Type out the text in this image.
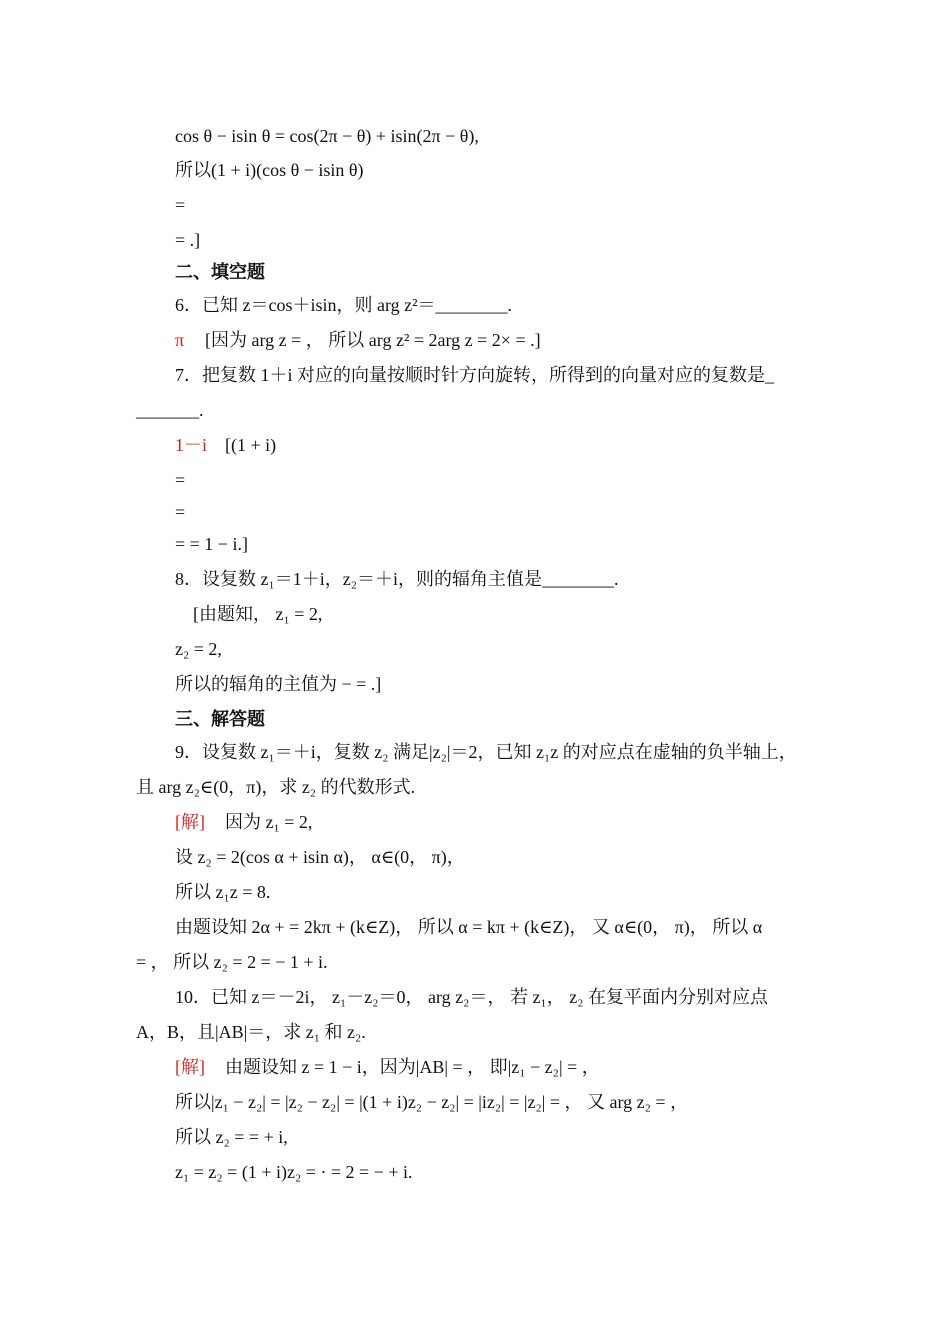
cos θ − isin θ = cos(2π − θ) + isin(2π − θ),
所以(1 + i)(cos θ − isin θ)
=
= .]
二、填空题
6．已知 z＝cos＋isin，则 arg z²＝________.
π [因为 arg z = ， 所以 arg z² = 2arg z = 2× = .]
7．把复数 1＋i 对应的向量按顺时针方向旋转，所得到的向量对应的复数是_
_______.
1－i [(1 + i)
=
=
= = 1 − i.]
8．设复数 z₁＝1＋i，z₂＝＋i，则的辐角主值是________.
[由题知， z₁ = 2,
z₂ = 2,
所以的辐角的主值为 − = .]
三、解答题
9．设复数 z₁＝＋i，复数 z₂ 满足|z₂|＝2，已知 z₁z 的对应点在虚轴的负半轴上，
且 arg z₂∈(0，π)，求 z₂ 的代数形式.
[解] 因为 z₁ = 2,
设 z₂ = 2(cos α + isin α)， α∈(0， π)，
所以 z₁z = 8.
由题设知 2α + = 2kπ + (k∈Z)， 所以 α = kπ + (k∈Z)， 又 α∈(0， π)， 所以 α
= ， 所以 z₂ = 2 = − 1 + i.
10．已知 z＝－2i， z₁－z₂＝0， arg z₂＝， 若 z₁， z₂ 在复平面内分别对应点
A，B，且|AB|＝，求 z₁ 和 z₂.
[解] 由题设知 z = 1 − i，因为|AB| = ， 即|z₁ − z₂| = ，
所以|z₁ − z₂| = |z₂ − z₂| = |(1 + i)z₂ − z₂| = |iz₂| = |z₂| = ， 又 arg z₂ = ，
所以 z₂ = = + i,
z₁ = z₂ = (1 + i)z₂ = · = 2 = − + i.
